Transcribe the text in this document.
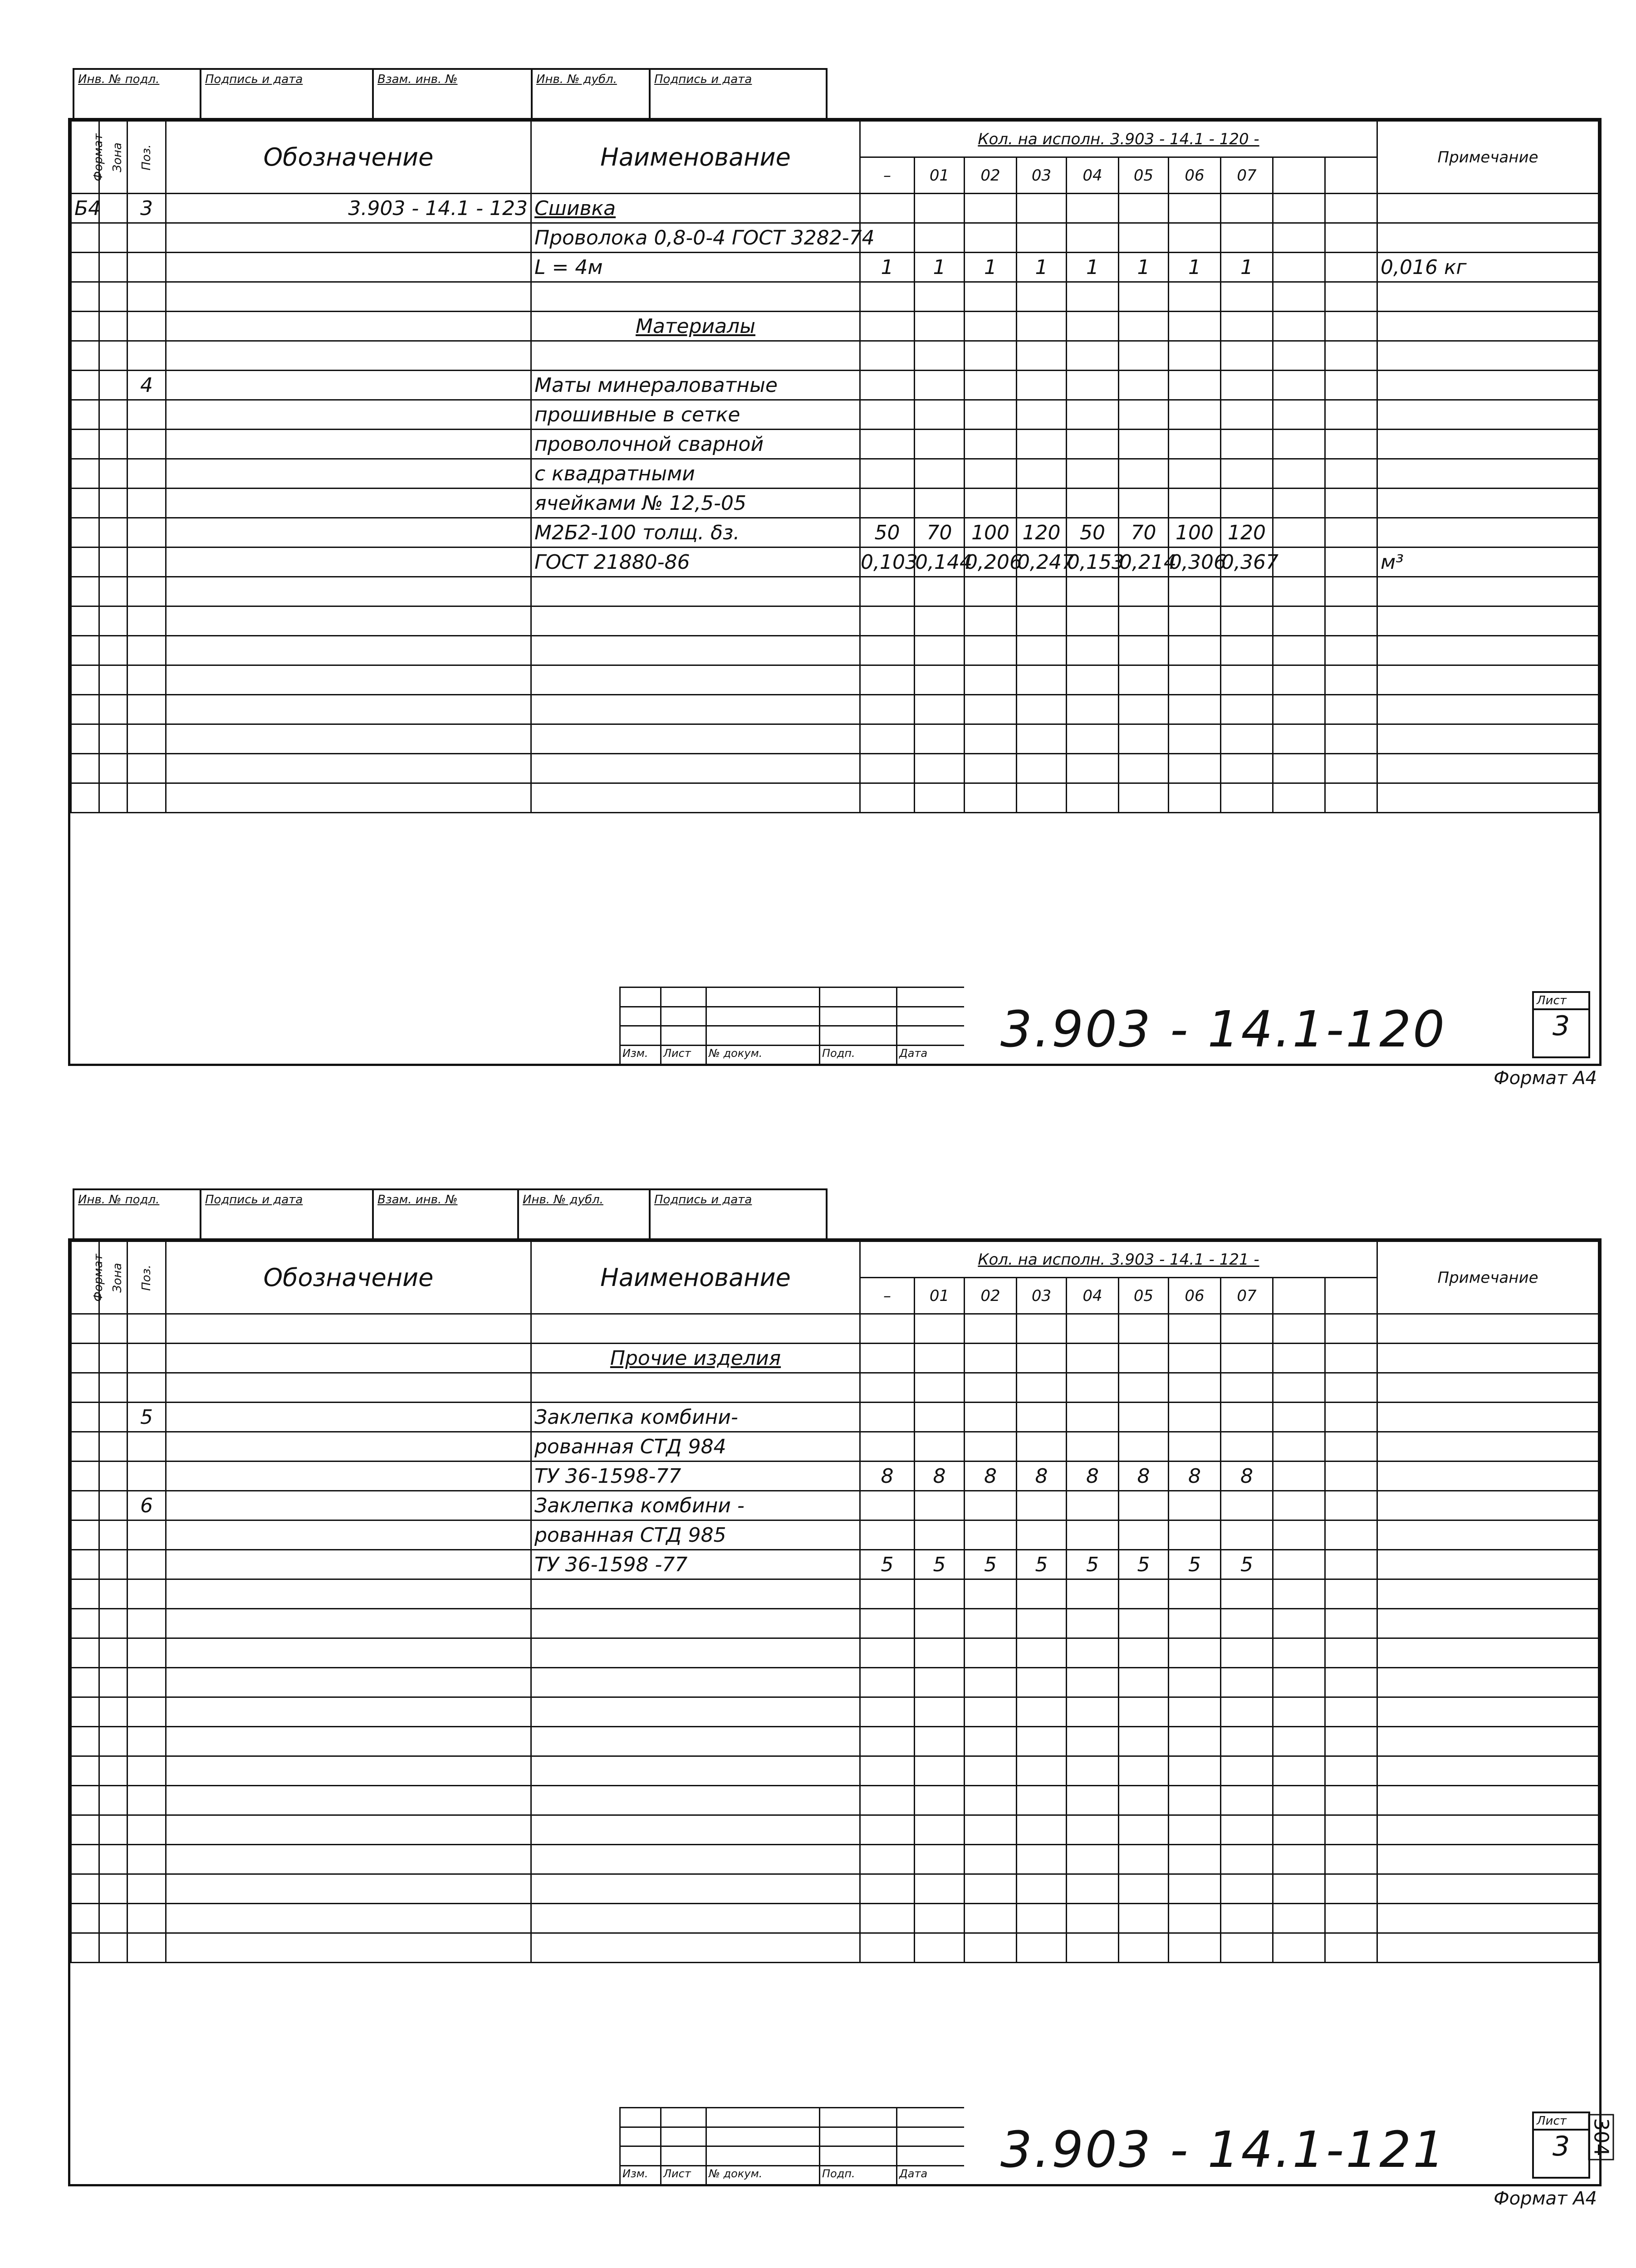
Инв. № подл.	Подпись и дата	Взам. инв. №	Инв. № дубл.	Подпись и дата
Формат	Зона	Поз.	Обозначение	Наименование	Кол. на исполн. 3.903 - 14.1 - 120 -										Примечание
					–	01	02	03	04	05	06	07			
Б4		3	3.903 - 14.1 - 123	Сшивка											
				Проволока 0,8-0-4 ГОСТ 3282-74											
				L = 4м	1	1	1	1	1	1	1	1			0,016 кг

				Материалы											

		4		Маты минераловатные											
				прошивные в сетке											
				проволочной сварной											
				с квадратными											
				ячейками № 12,5-05											
				М2Б2-100 толщ. δз.	50	70	100	120	50	70	100	120			
				ГОСТ 21880-86	0,103	0,144	0,206	0,247	0,153	0,214	0,306	0,367			м³

Изм.	Лист	№ докум.	Подп.	Дата	3.903 - 14.1-120	Лист
3
Формат А4
Инв. № подл.	Подпись и дата	Взам. инв. №	Инв. № дубл.	Подпись и дата
Формат	Зона	Поз.	Обозначение	Наименование	Кол. на исполн. 3.903 - 14.1 - 121 -										Примечание
					–	01	02	03	04	05	06	07			

				Прочие изделия											

		5		Заклепка комбини-											
				рованная СТД 984											
				ТУ 36-1598-77	8	8	8	8	8	8	8	8			
		6		Заклепка комбини -											
				рованная СТД 985											
				ТУ 36-1598 -77	5	5	5	5	5	5	5	5			

Изм.	Лист	№ докум.	Подп.	Дата	3.903 - 14.1-121	Лист
3
Формат А4
304
